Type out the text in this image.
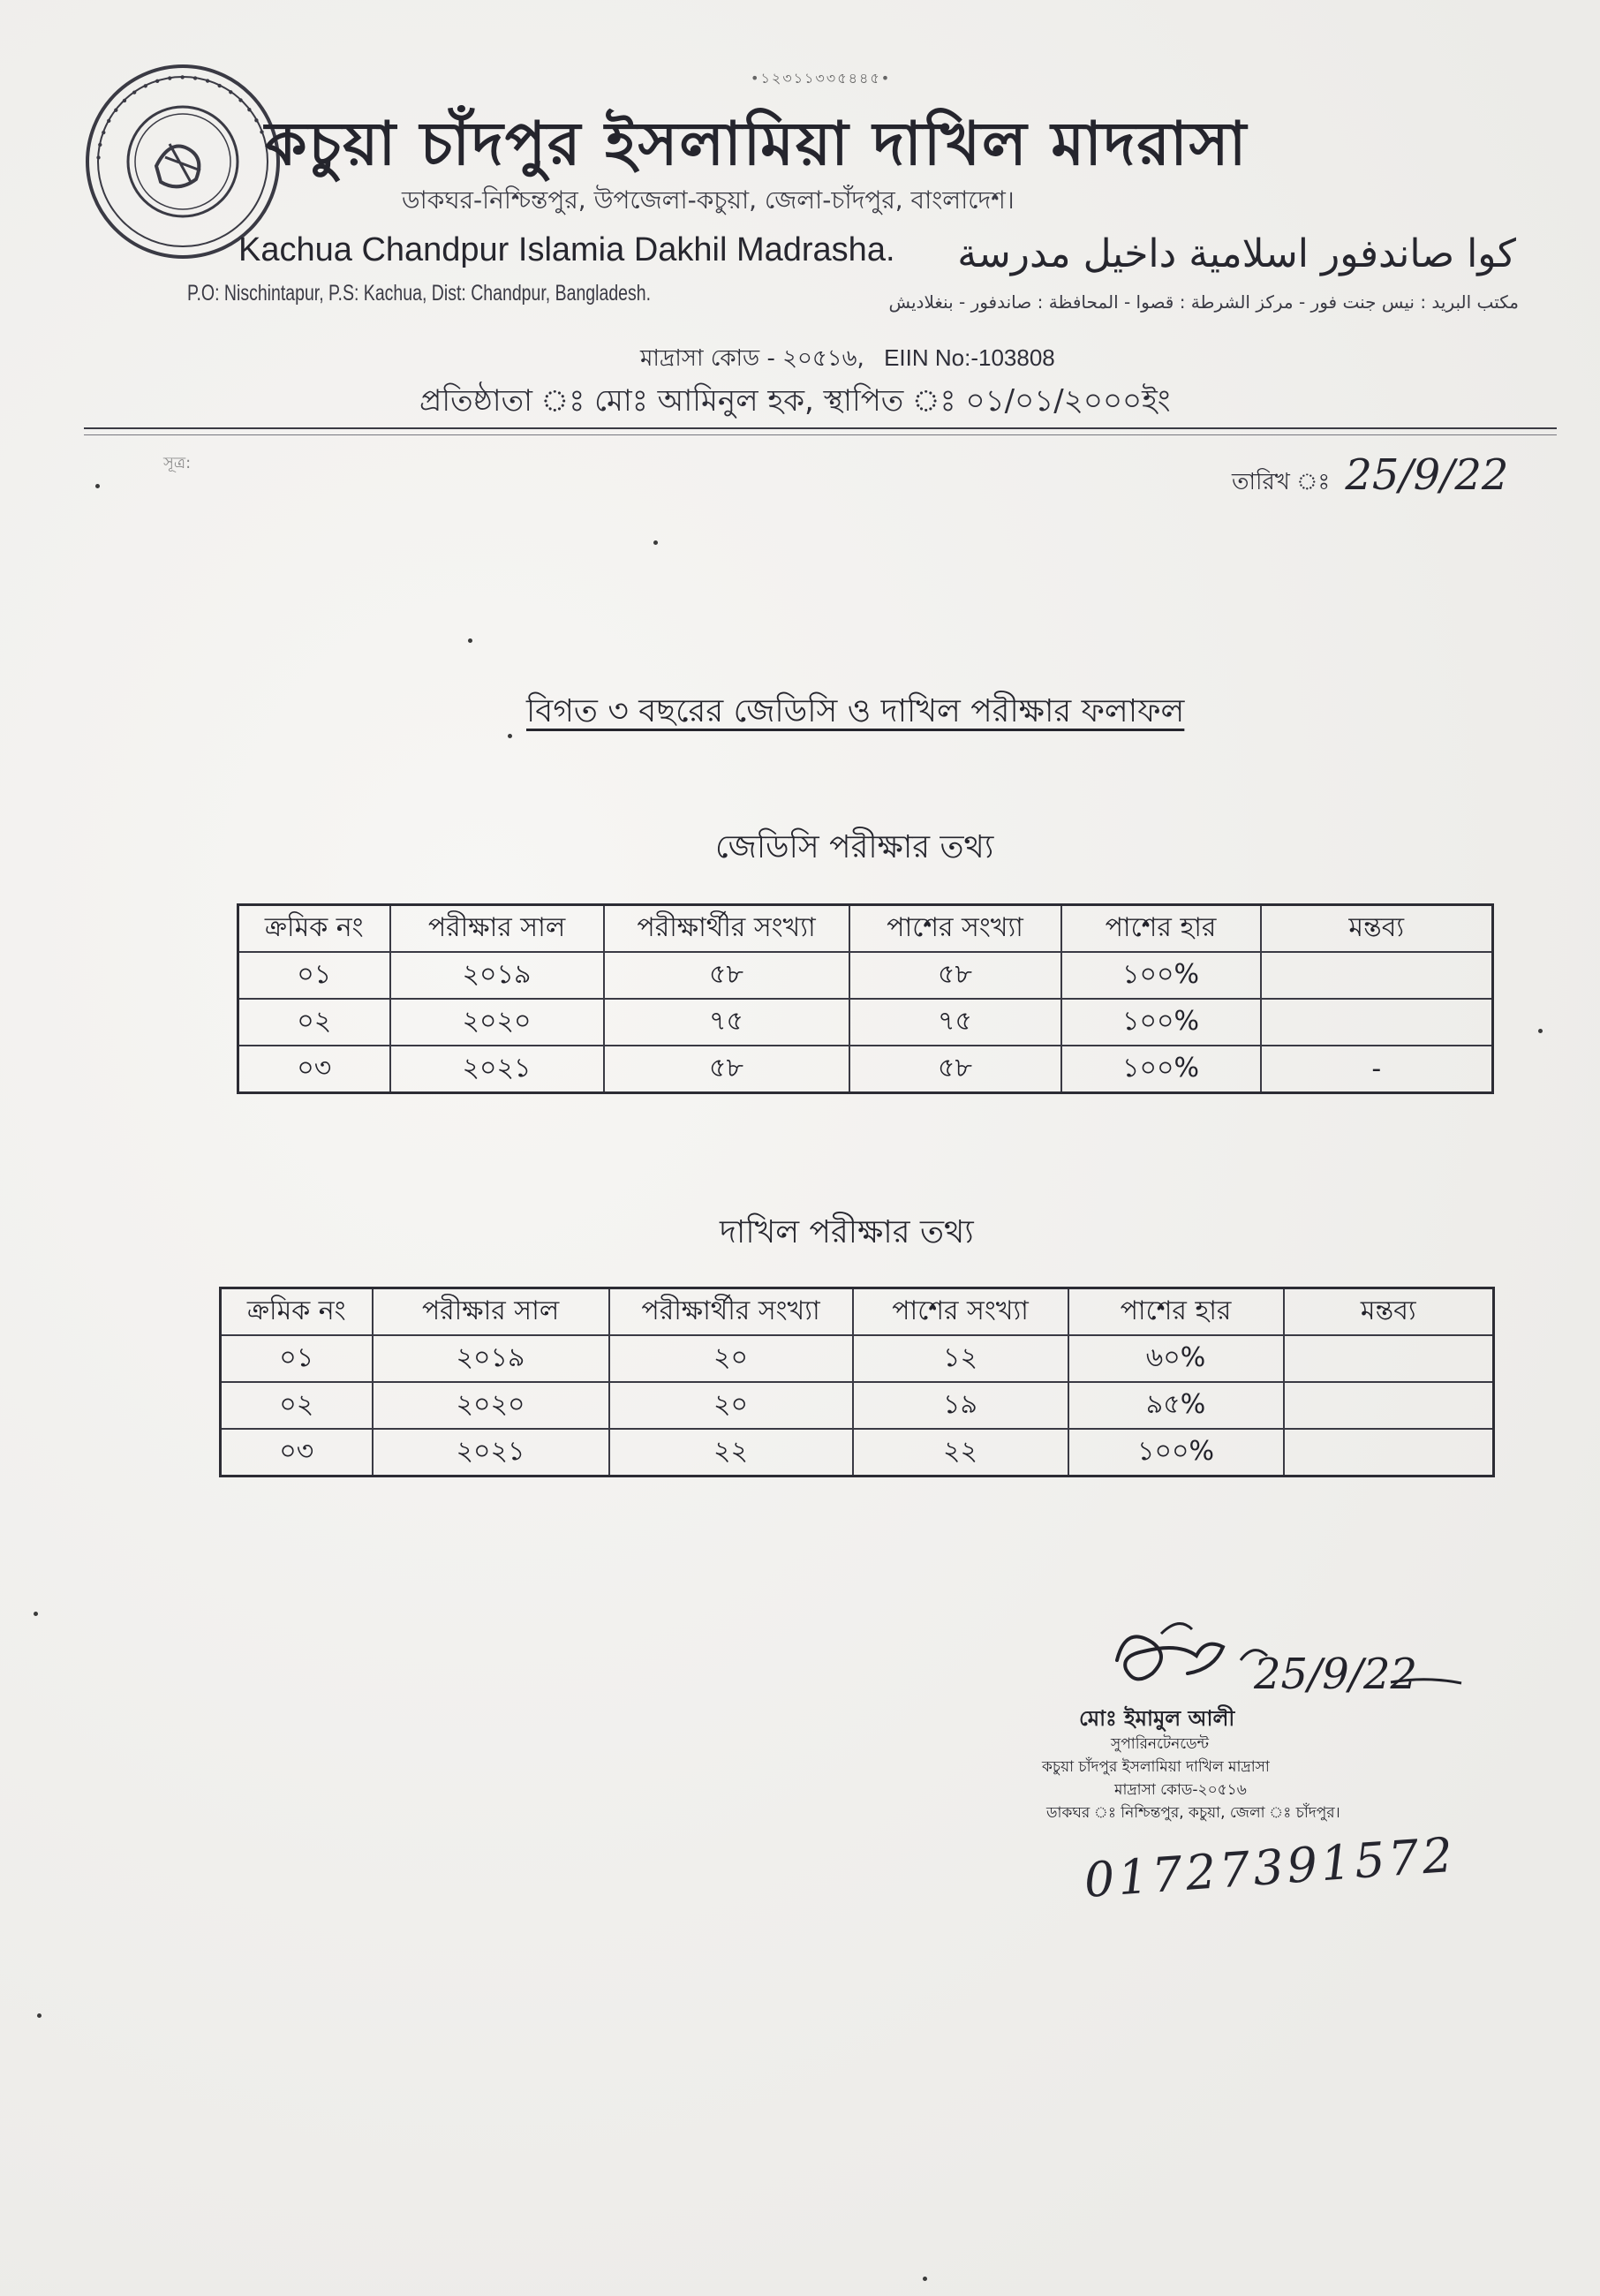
• • • • • • • • • • • • • • • • • • •
•১২৩১১৩৩৫৪৪৫•
কচুয়া চাঁদপুর ইসলামিয়া দাখিল মাদরাসা
ডাকঘর-নিশ্চিন্তপুর, উপজেলা-কচুয়া, জেলা-চাঁদপুর, বাংলাদেশ।
Kachua Chandpur Islamia Dakhil Madrasha.
P.O: Nischintapur, P.S: Kachua, Dist: Chandpur, Bangladesh.
كوا صاندفور اسلامية داخيل مدرسة
مكتب البريد : نيس جنت فور - مركز الشرطة : قصوا - المحافظة : صاندفور - بنغلاديش
মাদ্রাসা কোড - ২০৫১৬, EIIN No:-103808
প্রতিষ্ঠাতা ঃ মোঃ আমিনুল হক, স্থাপিত ঃ ০১/০১/২০০০ইং
সূত্র:
তারিখ ঃ 25/9/22
বিগত ৩ বছরের জেডিসি ও দাখিল পরীক্ষার ফলাফল
জেডিসি পরীক্ষার তথ্য
ক্রমিক নং	পরীক্ষার সাল	পরীক্ষার্থীর সংখ্যা	পাশের সংখ্যা	পাশের হার	মন্তব্য
০১	২০১৯	৫৮	৫৮	১০০%	
০২	২০২০	৭৫	৭৫	১০০%	
০৩	২০২১	৫৮	৫৮	১০০%	-
দাখিল পরীক্ষার তথ্য
ক্রমিক নং	পরীক্ষার সাল	পরীক্ষার্থীর সংখ্যা	পাশের সংখ্যা	পাশের হার	মন্তব্য
০১	২০১৯	২০	১২	৬০%	
০২	২০২০	২০	১৯	৯৫%	
০৩	২০২১	২২	২২	১০০%	
25/9/22
মোঃ ইমামুল আলী
সুপারিনটেনডেন্ট
কচুয়া চাঁদপুর ইসলামিয়া দাখিল মাদ্রাসা
মাদ্রাসা কোড-২০৫১৬
ডাকঘর ঃ নিশ্চিন্তপুর, কচুয়া, জেলা ঃ চাঁদপুর।
01727391572
